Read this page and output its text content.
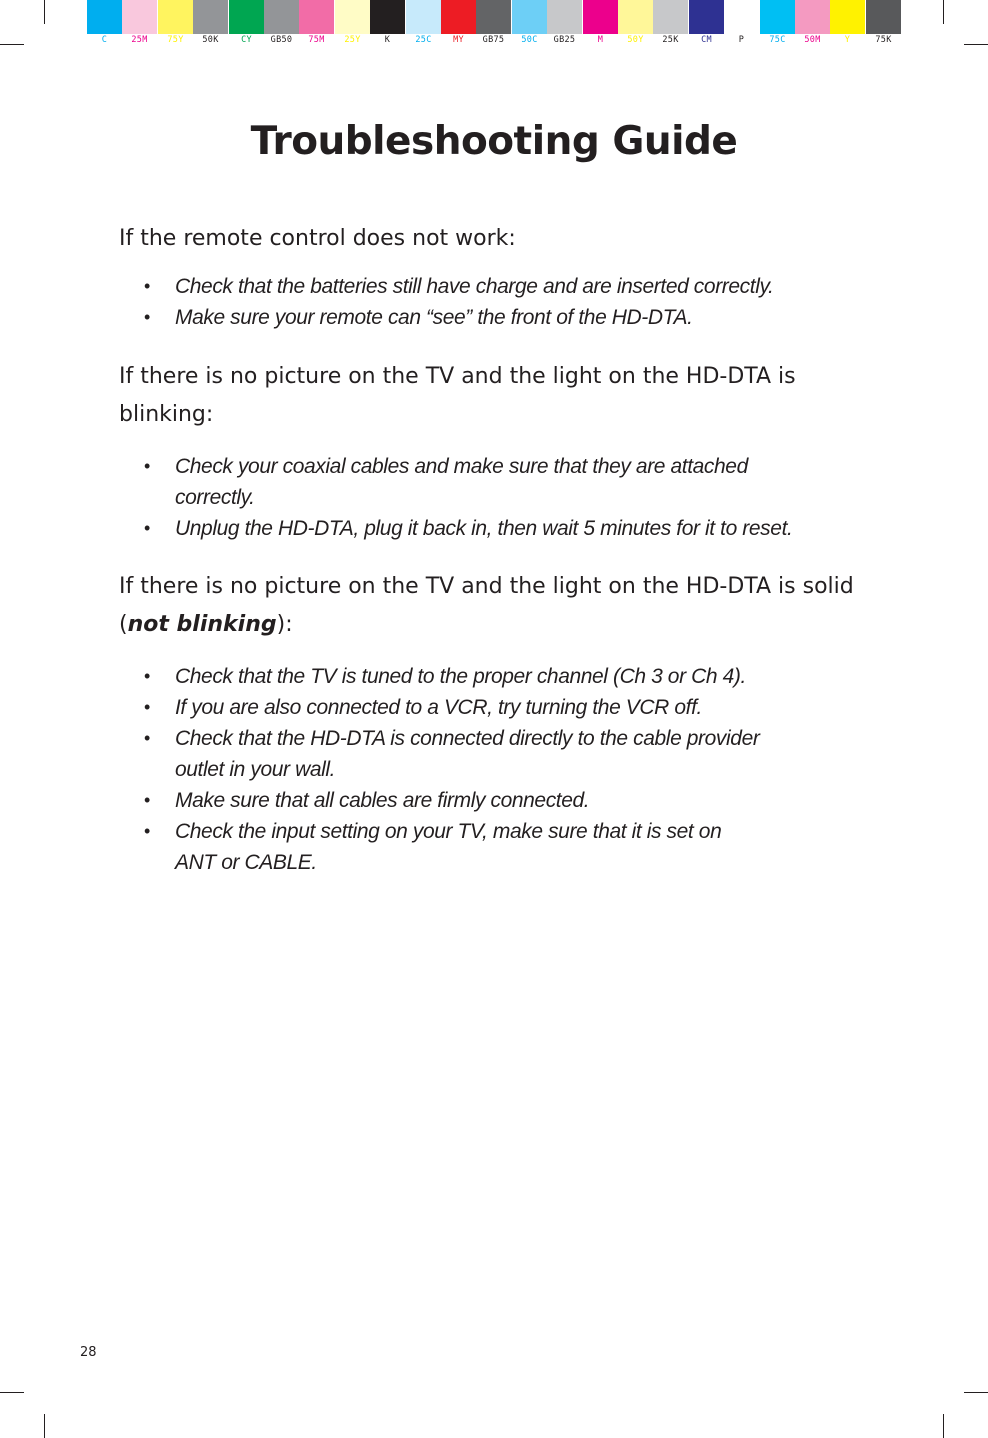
C	25M	75Y	50K	CY	GB50	75M	25Y	K	25C	MY	GB75	50C	GB25	M	50Y	25K	CM	P	75C	50M	Y	75K
Troubleshooting Guide

If the remote control does not work:

• Check that the batteries still have charge and are inserted correctly.
• Make sure your remote can “see” the front of the HD-DTA.

If there is no picture on the TV and the light on the HD-DTA is
blinking:

• Check your coaxial cables and make sure that they are attached
correctly.
• Unplug the HD-DTA, plug it back in, then wait 5 minutes for it to reset.

If there is no picture on the TV and the light on the HD-DTA is solid
(not blinking):

• Check that the TV is tuned to the proper channel (Ch 3 or Ch 4).
• If you are also connected to a VCR, try turning the VCR off.
• Check that the HD-DTA is connected directly to the cable provider
outlet in your wall.
• Make sure that all cables are firmly connected.
• Check the input setting on your TV, make sure that it is set on
ANT or CABLE.
28
